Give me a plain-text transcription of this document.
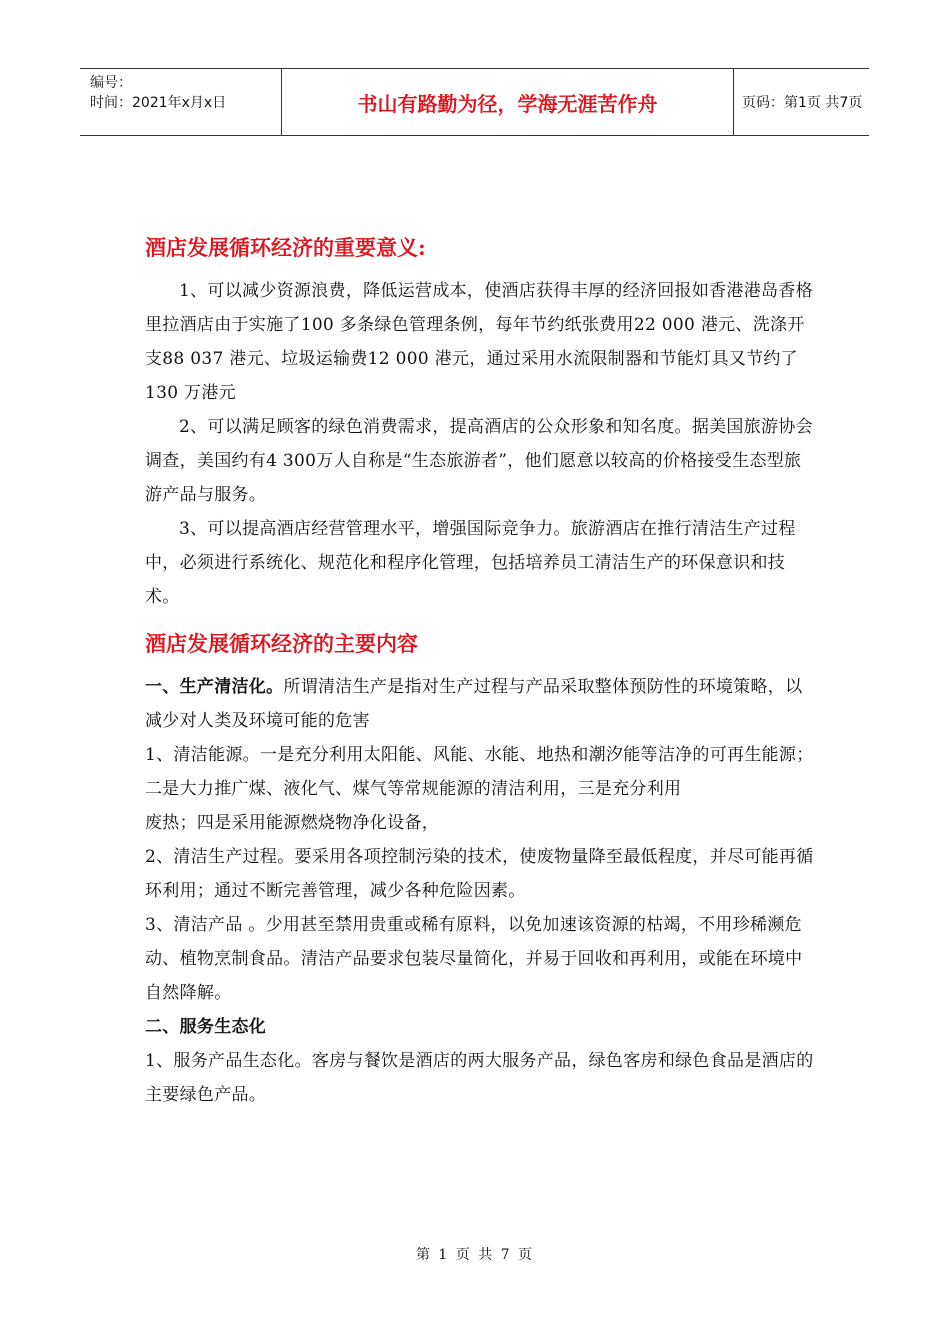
编号：
时间：2021年x月x日	书山有路勤为径，学海无涯苦作舟	页码：第1页 共7页

酒店发展循环经济的重要意义:

1、可以减少资源浪费，降低运营成本，使酒店获得丰厚的经济回报如香港港岛香格里拉酒店由于实施了100 多条绿色管理条例，每年节约纸张费用22 000 港元、洗涤开支88 037 港元、垃圾运输费12 000 港元，通过采用水流限制器和节能灯具又节约了130 万港元

2、可以满足顾客的绿色消费需求，提高酒店的公众形象和知名度。据美国旅游协会调查，美国约有4 300万人自称是“生态旅游者”，他们愿意以较高的价格接受生态型旅游产品与服务。

3、可以提高酒店经营管理水平，增强国际竞争力。旅游酒店在推行清洁生产过程中，必须进行系统化、规范化和程序化管理，包括培养员工清洁生产的环保意识和技术。

酒店发展循环经济的主要内容

一、生产清洁化。所谓清洁生产是指对生产过程与产品采取整体预防性的环境策略，以减少对人类及环境可能的危害

1、清洁能源。一是充分利用太阳能、风能、水能、地热和潮汐能等洁净的可再生能源；二是大力推广煤、液化气、煤气等常规能源的清洁利用，三是充分利用

废热；四是采用能源燃烧物净化设备，

2、清洁生产过程。要采用各项控制污染的技术，使废物量降至最低程度，并尽可能再循环利用；通过不断完善管理，减少各种危险因素。

3、清洁产品 。少用甚至禁用贵重或稀有原料，以免加速该资源的枯竭，不用珍稀濒危动、植物烹制食品。清洁产品要求包装尽量简化，并易于回收和再利用，或能在环境中自然降解。

二、服务生态化

1、服务产品生态化。客房与餐饮是酒店的两大服务产品，绿色客房和绿色食品是酒店的主要绿色产品。

第 1 页 共 7 页
